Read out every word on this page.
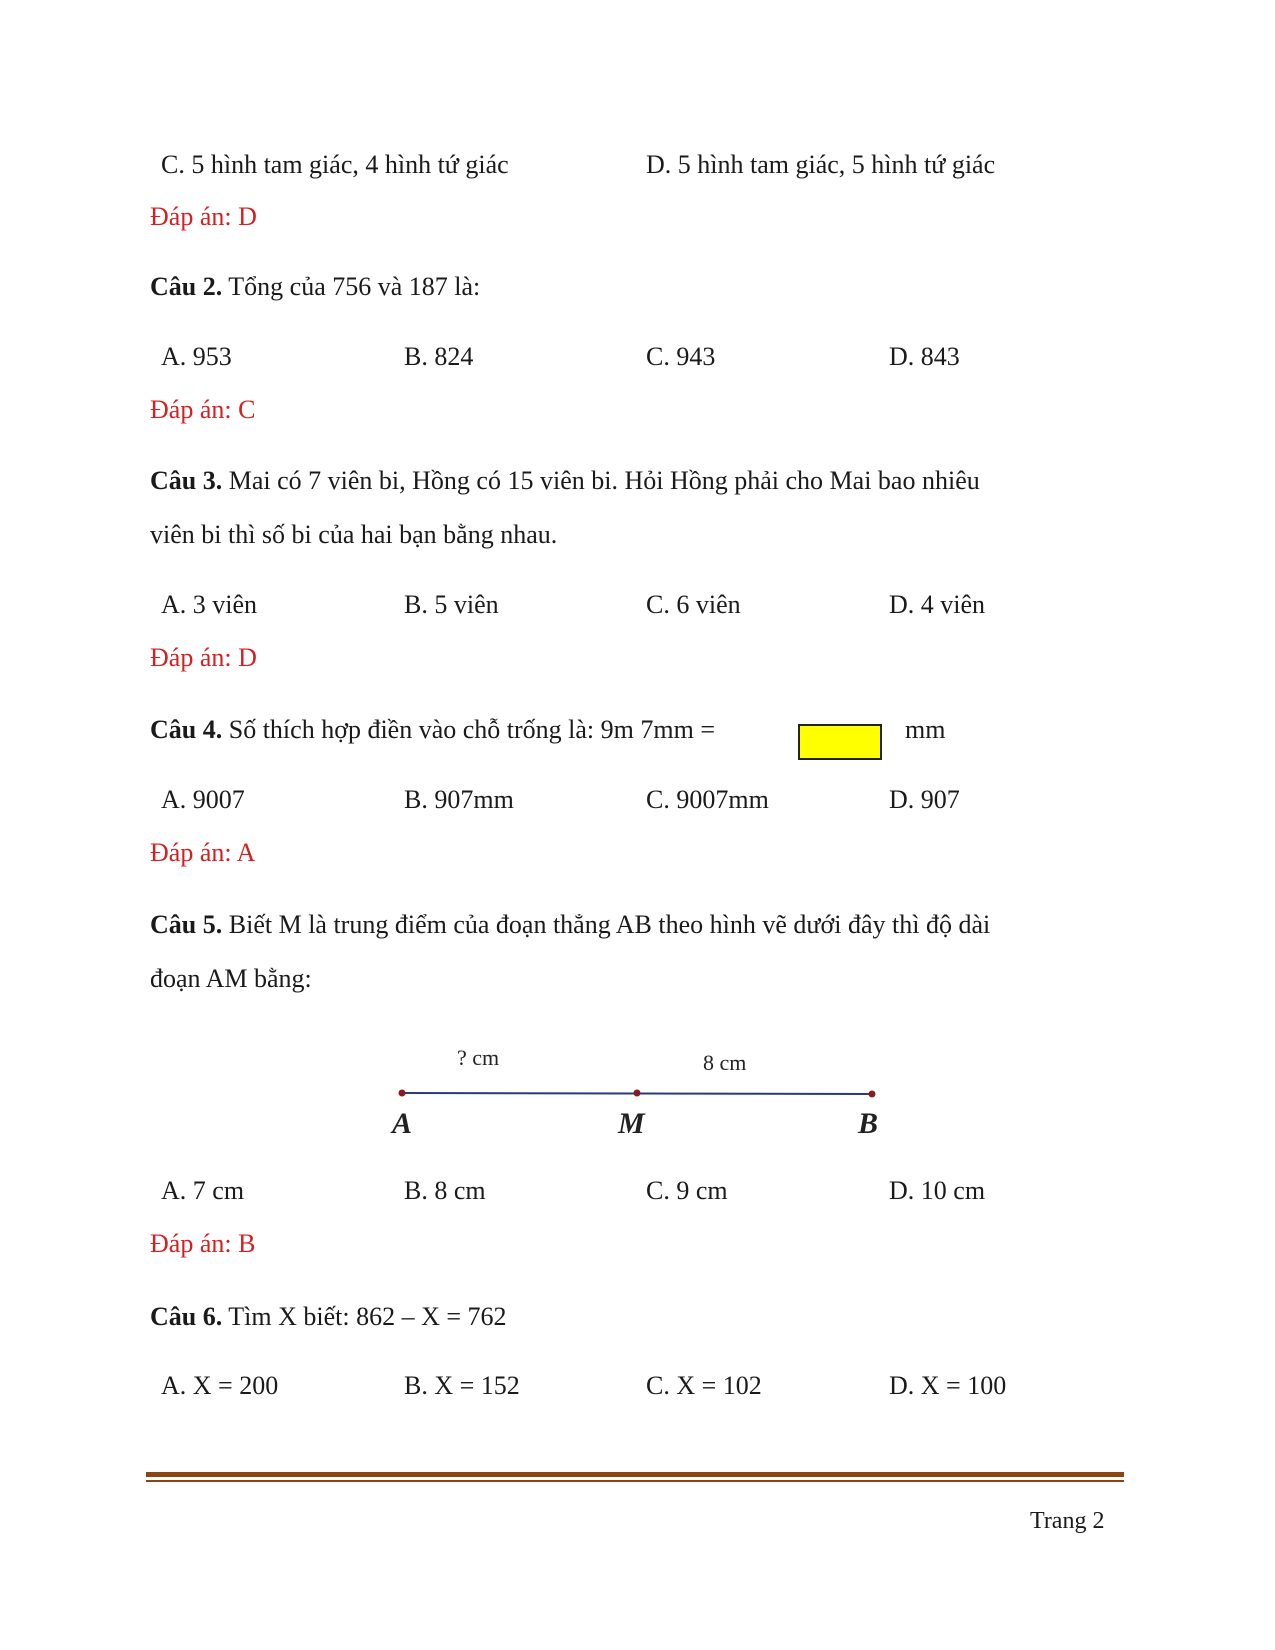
C. 5 hình tam giác, 4 hình tứ giác	D. 5 hình tam giác, 5 hình tứ giác
Đáp án: D
Câu 2. Tổng của 756 và 187 là:
A. 953	B. 824	C. 943	D. 843
Đáp án: C
Câu 3. Mai có 7 viên bi, Hồng có 15 viên bi. Hỏi Hồng phải cho Mai bao nhiêu
viên bi thì số bi của hai bạn bằng nhau.
A. 3 viên	B. 5 viên	C. 6 viên	D. 4 viên
Đáp án: D
Câu 4. Số thích hợp điền vào chỗ trống là: 9m 7mm =	mm
A. 9007	B. 907mm	C. 9007mm	D. 907
Đáp án: A
Câu 5. Biết M là trung điểm của đoạn thẳng AB theo hình vẽ dưới đây thì độ dài
đoạn AM bằng:
? cm	8 cm
A	M	B
A. 7 cm	B. 8 cm	C. 9 cm	D. 10 cm
Đáp án: B
Câu 6. Tìm X biết: 862 – X = 762
A. X = 200	B. X = 152	C. X = 102	D. X = 100
Trang 2
